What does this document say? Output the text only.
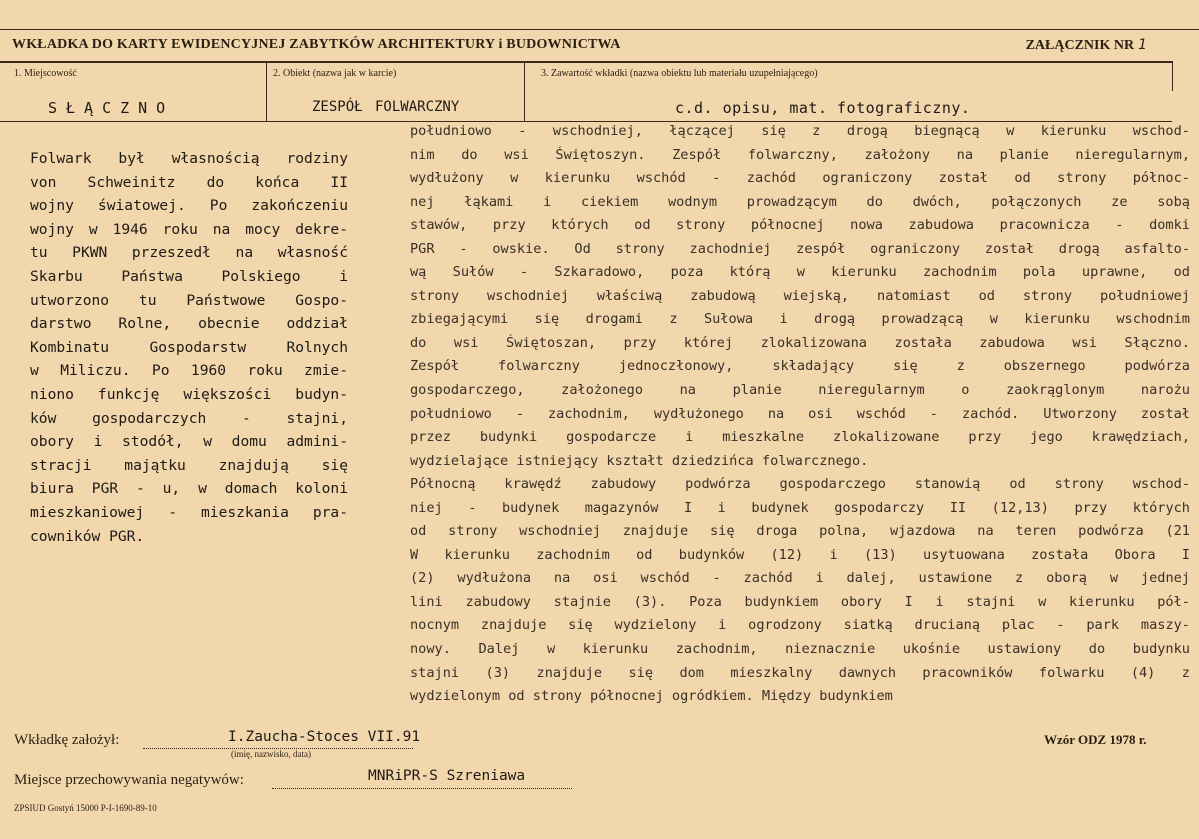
WKŁADKA DO KARTY EWIDENCYJNEJ ZABYTKÓW ARCHITEKTURY i BUDOWNICTWA	ZAŁĄCZNIK NR 1
1. Miejscowość	2. Obiekt (nazwa jak w karcie)	3. Zawartość wkładki (nazwa obiektu lub materiału uzupełniającego)
SŁĄCZNO	ZESPÓŁ FOLWARCZNY	c.d. opisu, mat. fotograficzny.
Folwark był własnością rodziny
von Schweinitz do końca II
wojny światowej. Po zakończeniu
wojny w 1946 roku na mocy dekre-
tu PKWN przeszedł na własność
Skarbu Państwa Polskiego i
utworzono tu Państwowe Gospo-
darstwo Rolne, obecnie oddział
Kombinatu Gospodarstw Rolnych
w Miliczu. Po 1960 roku zmie-
niono funkcję większości budyn-
ków gospodarczych - stajni,
obory i stodół, w domu admini-
stracji majątku znajdują się
biura PGR - u, w domach koloni
mieszkaniowej - mieszkania pra-
cowników PGR.
południowo - wschodniej, łączącej się z drogą biegnącą w kierunku wschod-
nim do wsi Świętoszyn. Zespół folwarczny, założony na planie nieregularnym,
wydłużony w kierunku wschód - zachód ograniczony został od strony północ-
nej łąkami i ciekiem wodnym prowadzącym do dwóch, połączonych ze sobą
stawów, przy których od strony północnej nowa zabudowa pracownicza - domki
PGR - owskie. Od strony zachodniej zespół ograniczony został drogą asfalto-
wą Sułów - Szkaradowo, poza którą w kierunku zachodnim pola uprawne, od
strony wschodniej właściwą zabudową wiejską, natomiast od strony południowej
zbiegającymi się drogami z Sułowa i drogą prowadzącą w kierunku wschodnim
do wsi Świętoszan, przy której zlokalizowana została zabudowa wsi Słączno.
Zespół folwarczny jednoczłonowy, składający się z obszernego podwórza
gospodarczego, założonego na planie nieregularnym o zaokrąglonym narożu
południowo - zachodnim, wydłużonego na osi wschód - zachód. Utworzony został
przez budynki gospodarcze i mieszkalne zlokalizowane przy jego krawędziach,
wydzielające istniejący kształt dziedzińca folwarcznego.
Północną krawędź zabudowy podwórza gospodarczego stanowią od strony wschod-
niej - budynek magazynów I i budynek gospodarczy II (12,13) przy których
od strony wschodniej znajduje się droga polna, wjazdowa na teren podwórza (21
W kierunku zachodnim od budynków (12) i (13) usytuowana została Obora I
(2) wydłużona na osi wschód - zachód i dalej, ustawione z oborą w jednej
lini zabudowy stajnie (3). Poza budynkiem obory I i stajni w kierunku pół-
nocnym znajduje się wydzielony i ogrodzony siatką drucianą plac - park maszy-
nowy. Dalej w kierunku zachodnim, nieznacznie ukośnie ustawiony do budynku
stajni (3) znajduje się dom mieszkalny dawnych pracowników folwarku (4) z
wydzielonym od strony północnej ogródkiem. Między budynkiem
Wkładkę założył:	I.Zaucha-Stoces VII.91
(imię, nazwisko, data)
Wzór ODZ 1978 r.
Miejsce przechowywania negatywów:	MNRiPR-S Szreniawa
ZPSIUD Gostyń 15000 P-I-1690-89-10
